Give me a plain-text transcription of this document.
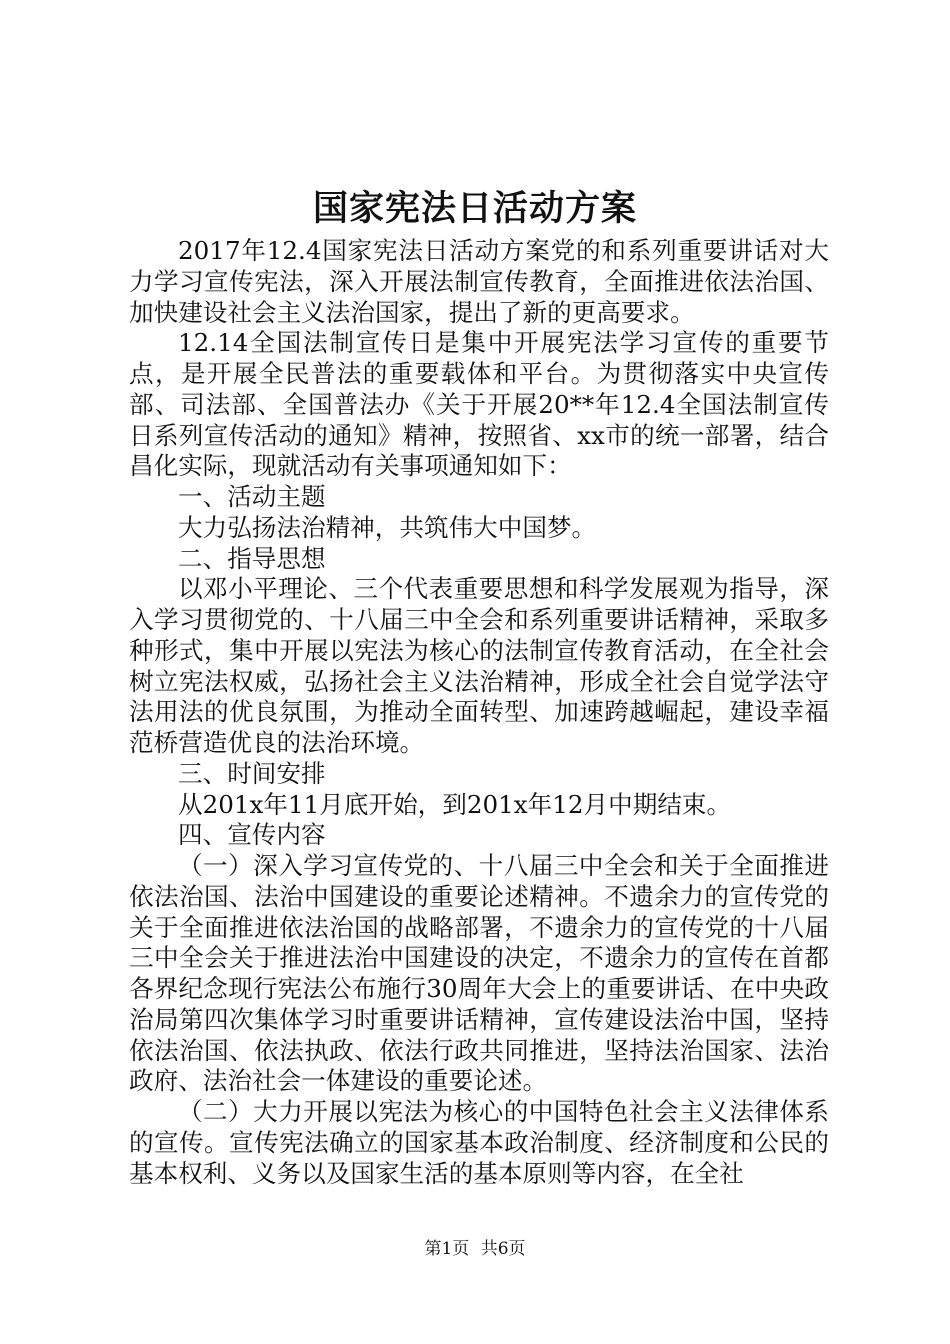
国家宪法日活动方案

2017年12.4国家宪法日活动方案党的和系列重要讲话对大力学习宣传宪法，深入开展法制宣传教育，全面推进依法治国、加快建设社会主义法治国家，提出了新的更高要求。

12.14全国法制宣传日是集中开展宪法学习宣传的重要节点，是开展全民普法的重要载体和平台。为贯彻落实中央宣传部、司法部、全国普法办《关于开展20**年12.4全国法制宣传日系列宣传活动的通知》精神，按照省、xx市的统一部署，结合昌化实际，现就活动有关事项通知如下：

一、活动主题

大力弘扬法治精神，共筑伟大中国梦。

二、指导思想

以邓小平理论、三个代表重要思想和科学发展观为指导，深入学习贯彻党的、十八届三中全会和系列重要讲话精神，采取多种形式，集中开展以宪法为核心的法制宣传教育活动，在全社会树立宪法权威，弘扬社会主义法治精神，形成全社会自觉学法守法用法的优良氛围，为推动全面转型、加速跨越崛起，建设幸福范桥营造优良的法治环境。

三、时间安排

从201x年11月底开始，到201x年12月中期结束。

四、宣传内容

（一）深入学习宣传党的、十八届三中全会和关于全面推进依法治国、法治中国建设的重要论述精神。不遗余力的宣传党的关于全面推进依法治国的战略部署，不遗余力的宣传党的十八届三中全会关于推进法治中国建设的决定，不遗余力的宣传在首都各界纪念现行宪法公布施行30周年大会上的重要讲话、在中央政治局第四次集体学习时重要讲话精神，宣传建设法治中国，坚持依法治国、依法执政、依法行政共同推进，坚持法治国家、法治政府、法治社会一体建设的重要论述。

（二）大力开展以宪法为核心的中国特色社会主义法律体系的宣传。宣传宪法确立的国家基本政治制度、经济制度和公民的基本权利、义务以及国家生活的基本原则等内容，在全社

第1页 共6页
